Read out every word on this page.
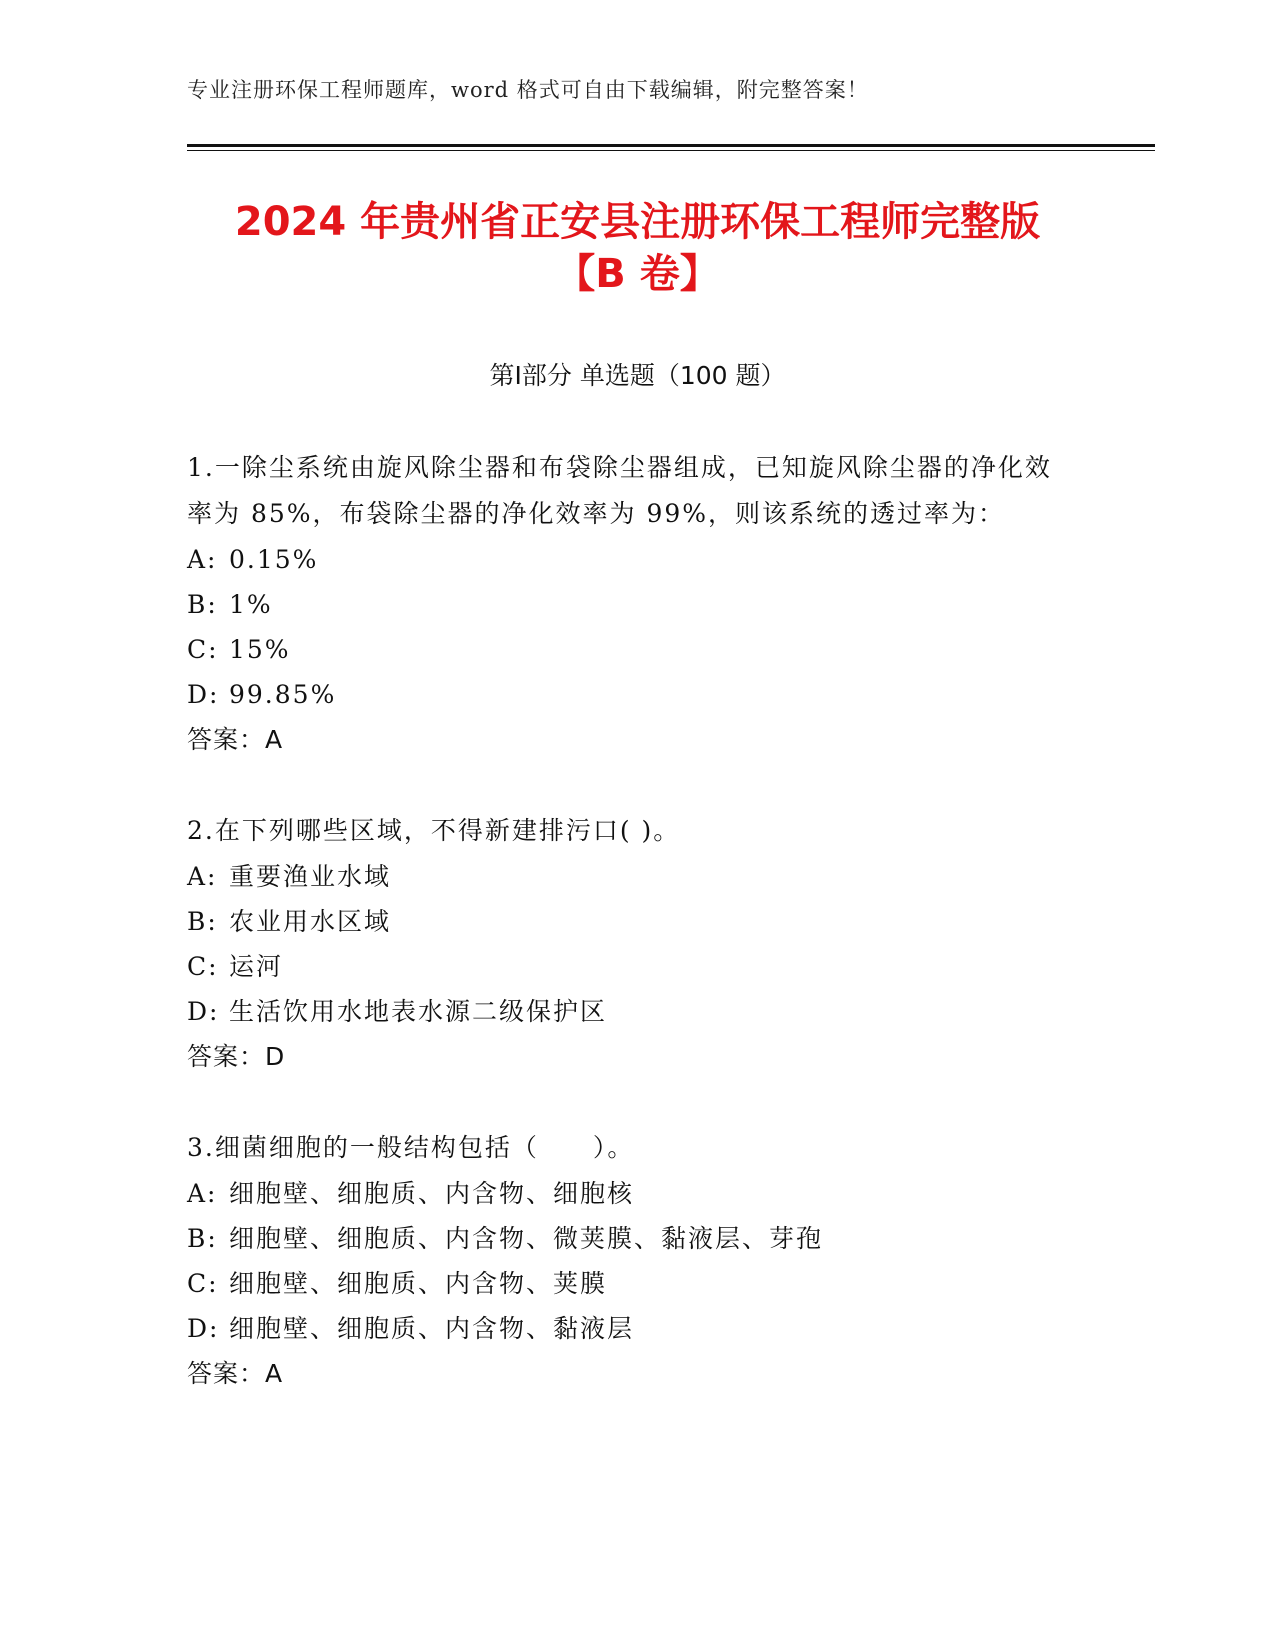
专业注册环保工程师题库，word 格式可自由下载编辑，附完整答案！
2024 年贵州省正安县注册环保工程师完整版
【B 卷】
第Ⅰ部分 单选题（100 题）

1.一除尘系统由旋风除尘器和布袋除尘器组成，已知旋风除尘器的净化效率为 85%，布袋除尘器的净化效率为 99%，则该系统的透过率为：

A: 0.15%
B: 1%
C: 15%
D: 99.85%
答案：A

2.在下列哪些区域，不得新建排污口( )。

A: 重要渔业水域
B: 农业用水区域
C: 运河
D: 生活饮用水地表水源二级保护区
答案：D

3.细菌细胞的一般结构包括（　　）。

A: 细胞壁、细胞质、内含物、细胞核
B: 细胞壁、细胞质、内含物、微荚膜、黏液层、芽孢
C: 细胞壁、细胞质、内含物、荚膜
D: 细胞壁、细胞质、内含物、黏液层
答案：A
